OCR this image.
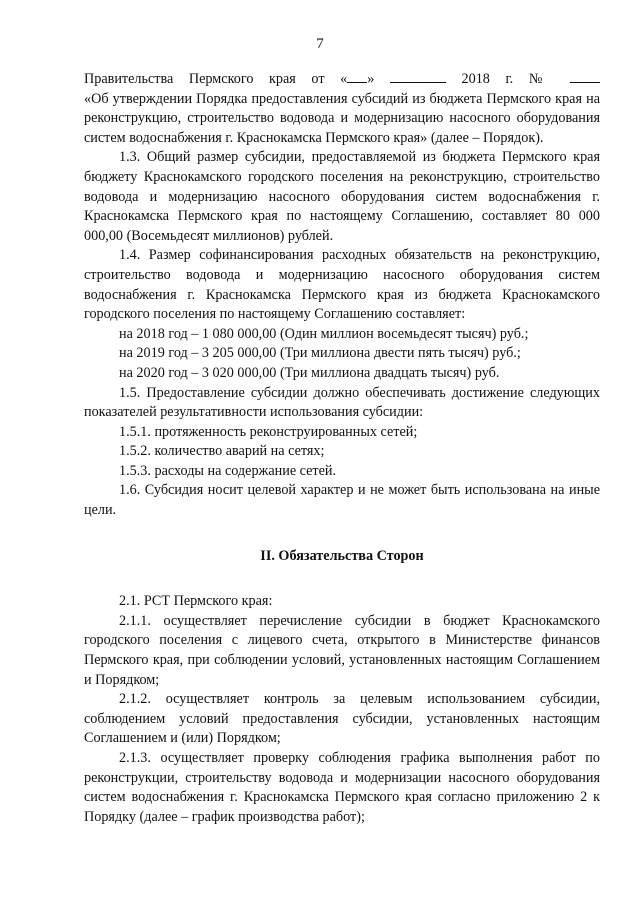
7

Правительства Пермского края от « »	2018 г. №
«Об утверждении Порядка предоставления субсидий из бюджета Пермского края на реконструкцию, строительство водовода и модернизацию насосного оборудования систем водоснабжения г. Краснокамска Пермского края» (далее – Порядок).

1.3. Общий размер субсидии, предоставляемой из бюджета Пермского края бюджету Краснокамского городского поселения на реконструкцию, строительство водовода и модернизацию насосного оборудования систем водоснабжения г. Краснокамска Пермского края по настоящему Соглашению, составляет 80 000 000,00 (Восемьдесят миллионов) рублей.

1.4. Размер софинансирования расходных обязательств на реконструкцию, строительство водовода и модернизацию насосного оборудования систем водоснабжения г. Краснокамска Пермского края из бюджета Краснокамского городского поселения по настоящему Соглашению составляет:

на 2018 год – 1 080 000,00 (Один миллион восемьдесят тысяч) руб.;

на 2019 год – 3 205 000,00 (Три миллиона двести пять тысяч) руб.;

на 2020 год – 3 020 000,00 (Три миллиона двадцать тысяч) руб.

1.5. Предоставление субсидии должно обеспечивать достижение следующих показателей результативности использования субсидии:

1.5.1. протяженность реконструированных сетей;

1.5.2. количество аварий на сетях;

1.5.3. расходы на содержание сетей.

1.6. Субсидия носит целевой характер и не может быть использована на иные цели.

II. Обязательства Сторон

2.1. РСТ Пермского края:

2.1.1. осуществляет перечисление субсидии в бюджет Краснокамского городского поселения с лицевого счета, открытого в Министерстве финансов Пермского края, при соблюдении условий, установленных настоящим Соглашением и Порядком;

2.1.2. осуществляет контроль за целевым использованием субсидии, соблюдением условий предоставления субсидии, установленных настоящим Соглашением и (или) Порядком;

2.1.3. осуществляет проверку соблюдения графика выполнения работ по реконструкции, строительству водовода и модернизации насосного оборудования систем водоснабжения г. Краснокамска Пермского края согласно приложению 2 к Порядку (далее – график производства работ);
